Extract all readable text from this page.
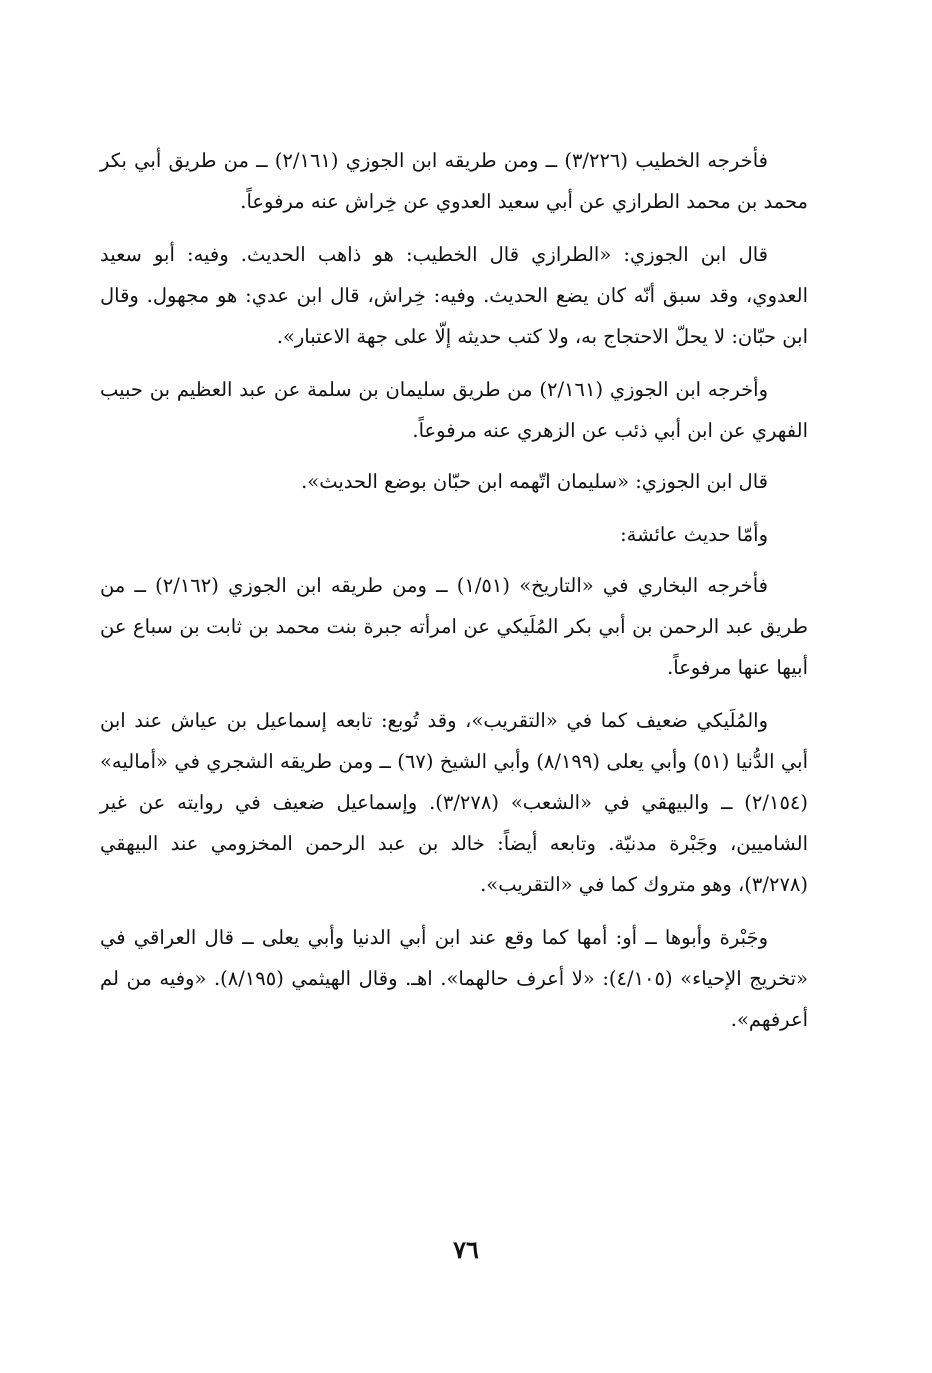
فأخرجه الخطيب (٣/٢٢٦) ــ ومن طريقه ابن الجوزي (٢/١٦١) ــ من طريق أبي بكر محمد بن محمد الطرازي عن أبي سعيد العدوي عن خِراش عنه مرفوعاً.

قال ابن الجوزي: «الطرازي قال الخطيب: هو ذاهب الحديث. وفيه: أبو سعيد العدوي، وقد سبق أنّه كان يضع الحديث. وفيه: خِراش، قال ابن عدي: هو مجهول. وقال ابن حبّان: لا يحلّ الاحتجاج به، ولا كتب حديثه إلّا على جهة الاعتبار».

وأخرجه ابن الجوزي (٢/١٦١) من طريق سليمان بن سلمة عن عبد العظيم بن حبيب الفهري عن ابن أبي ذئب عن الزهري عنه مرفوعاً.

قال ابن الجوزي: «سليمان اتّهمه ابن حبّان بوضع الحديث».

وأمّا حديث عائشة:

فأخرجه البخاري في «التاريخ» (١/٥١) ــ ومن طريقه ابن الجوزي (٢/١٦٢) ــ من طريق عبد الرحمن بن أبي بكر المُلَيكي عن امرأته جبرة بنت محمد بن ثابت بن سباع عن أبيها عنها مرفوعاً.

والمُلَيكي ضعيف كما في «التقريب»، وقد تُوبع: تابعه إسماعيل بن عياش عند ابن أبي الدُّنيا (٥١) وأبي يعلى (٨/١٩٩) وأبي الشيخ (٦٧) ــ ومن طريقه الشجري في «أماليه» (٢/١٥٤) ــ والبيهقي في «الشعب» (٣/٢٧٨). وإسماعيل ضعيف في روايته عن غير الشاميين، وجَبْرة مدنيّة. وتابعه أيضاً: خالد بن عبد الرحمن المخزومي عند البيهقي (٣/٢٧٨)، وهو متروك كما في «التقريب».

وجَبْرة وأبوها ــ أو: أمها كما وقع عند ابن أبي الدنيا وأبي يعلى ــ قال العراقي في «تخريج الإحياء» (٤/١٠٥): «لا أعرف حالهما». اهـ. وقال الهيثمي (٨/١٩٥). «وفيه من لم أعرفهم».

٧٦
